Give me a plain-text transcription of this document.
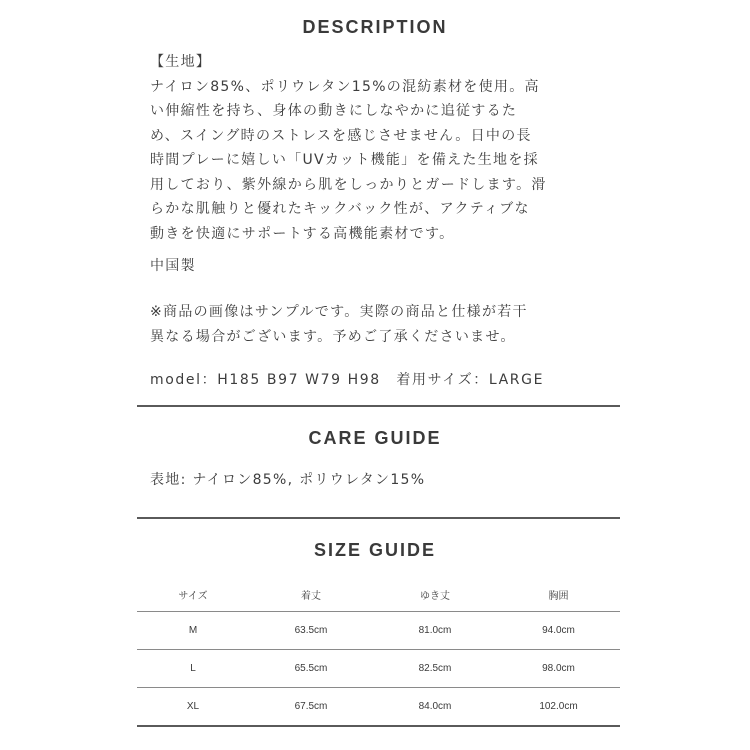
DESCRIPTION
【生地】
ナイロン85%、ポリウレタン15%の混紡素材を使用。高
い伸縮性を持ち、身体の動きにしなやかに追従するた
め、スイング時のストレスを感じさせません。日中の長
時間プレーに嬉しい「UVカット機能」を備えた生地を採
用しており、紫外線から肌をしっかりとガードします。滑
らかな肌触りと優れたキックバック性が、アクティブな
動きを快適にサポートする高機能素材です。
中国製
※商品の画像はサンプルです。実際の商品と仕様が若干
異なる場合がございます。予めご了承くださいませ。
model：H185 B97 W79 H98　着用サイズ：LARGE
CARE GUIDE
表地: ナイロン85%, ポリウレタン15%
SIZE GUIDE
サイズ	着丈	ゆき丈	胸囲
M	63.5cm	81.0cm	94.0cm
L	65.5cm	82.5cm	98.0cm
XL	67.5cm	84.0cm	102.0cm
